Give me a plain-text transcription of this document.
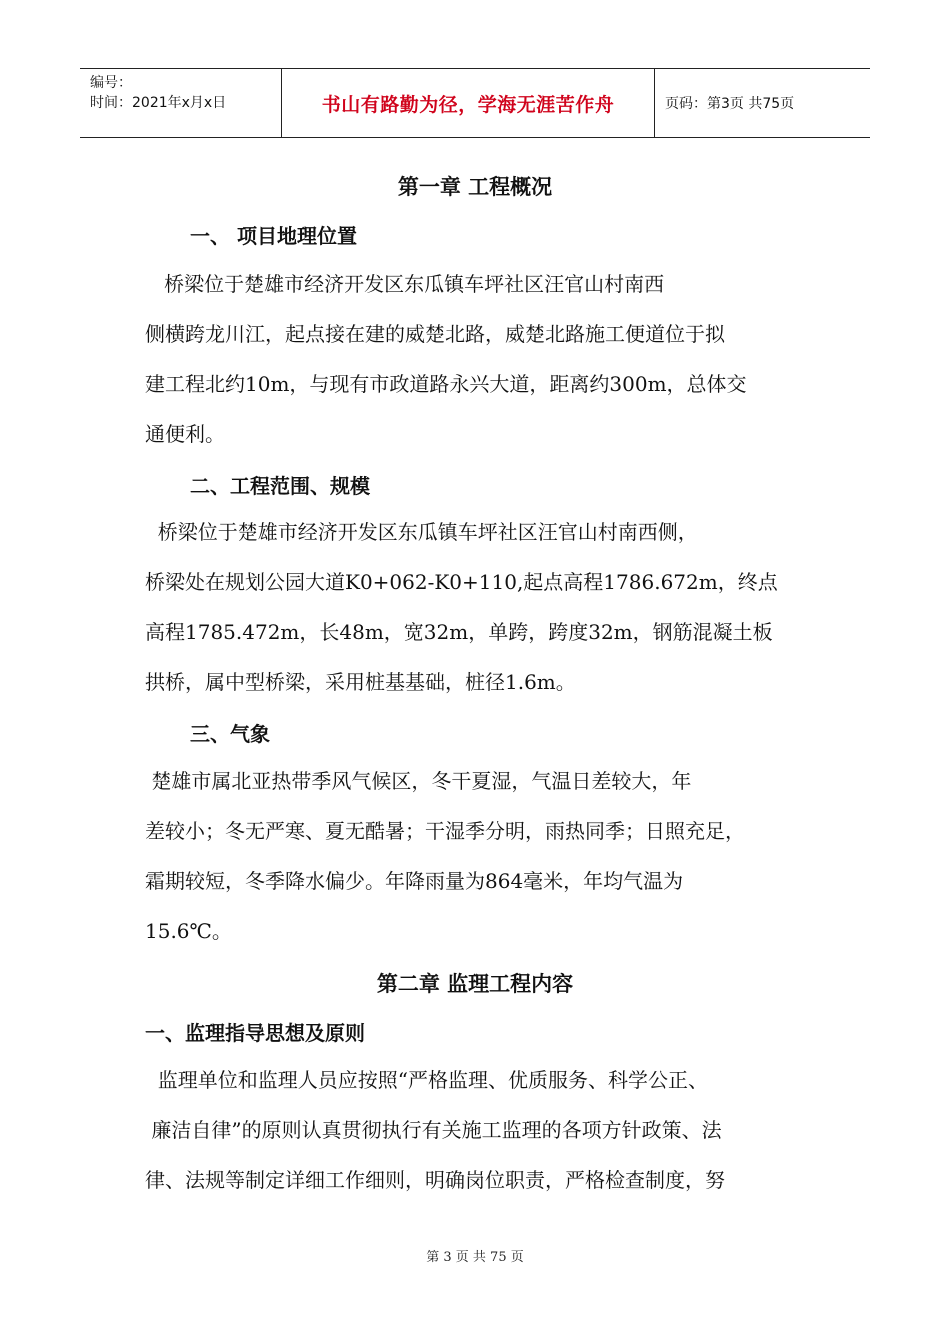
编号：
时间：2021年x月x日	书山有路勤为径，学海无涯苦作舟	页码：第3页 共75页
第一章 工程概况
一、 项目地理位置
桥梁位于楚雄市经济开发区东瓜镇车坪社区汪官山村南西
侧横跨龙川江，起点接在建的威楚北路，威楚北路施工便道位于拟
建工程北约10m，与现有市政道路永兴大道，距离约300m，总体交
通便利。
二、工程范围、规模
桥梁位于楚雄市经济开发区东瓜镇车坪社区汪官山村南西侧，
桥梁处在规划公园大道K0+062-K0+110,起点高程1786.672m，终点
高程1785.472m，长48m，宽32m，单跨，跨度32m，钢筋混凝土板
拱桥，属中型桥梁，采用桩基基础，桩径1.6m。
三、气象
楚雄市属北亚热带季风气候区，冬干夏湿，气温日差较大，年
差较小；冬无严寒、夏无酷暑；干湿季分明，雨热同季；日照充足，
霜期较短，冬季降水偏少。年降雨量为864毫米，年均气温为
15.6℃。
第二章 监理工程内容
一、监理指导思想及原则
监理单位和监理人员应按照“严格监理、优质服务、科学公正、
廉洁自律”的原则认真贯彻执行有关施工监理的各项方针政策、法
律、法规等制定详细工作细则，明确岗位职责，严格检查制度，努
第 3 页 共 75 页
